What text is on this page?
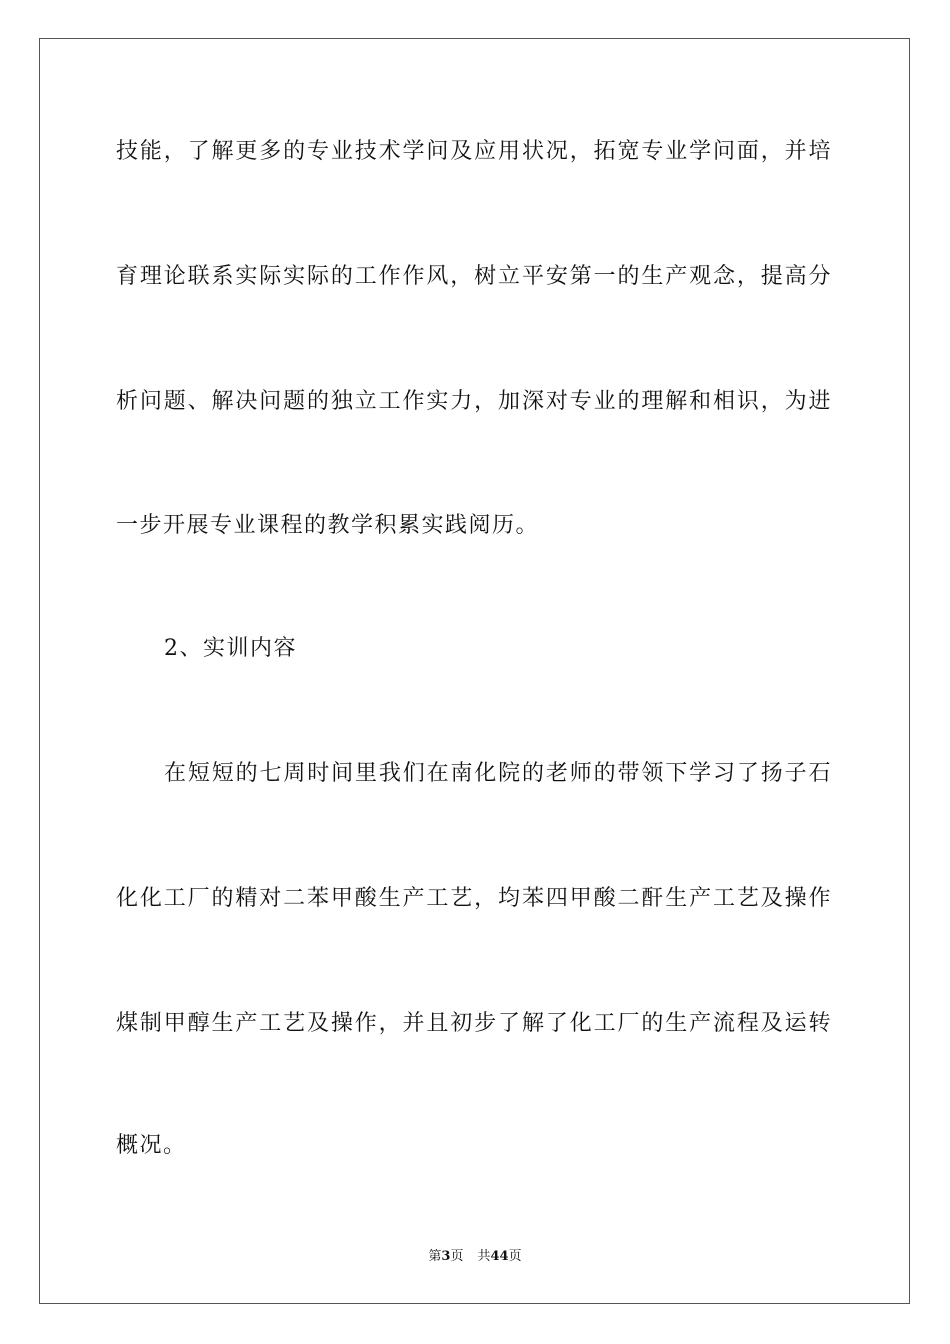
技能，了解更多的专业技术学问及应用状况，拓宽专业学问面，并培
育理论联系实际实际的工作作风，树立平安第一的生产观念，提高分
析问题、解决问题的独立工作实力，加深对专业的理解和相识，为进
一步开展专业课程的教学积累实践阅历。
2、实训内容
在短短的七周时间里我们在南化院的老师的带领下学习了扬子石
化化工厂的精对二苯甲酸生产工艺，均苯四甲酸二酐生产工艺及操作
煤制甲醇生产工艺及操作，并且初步了解了化工厂的生产流程及运转
概况。
第3页 共44页
